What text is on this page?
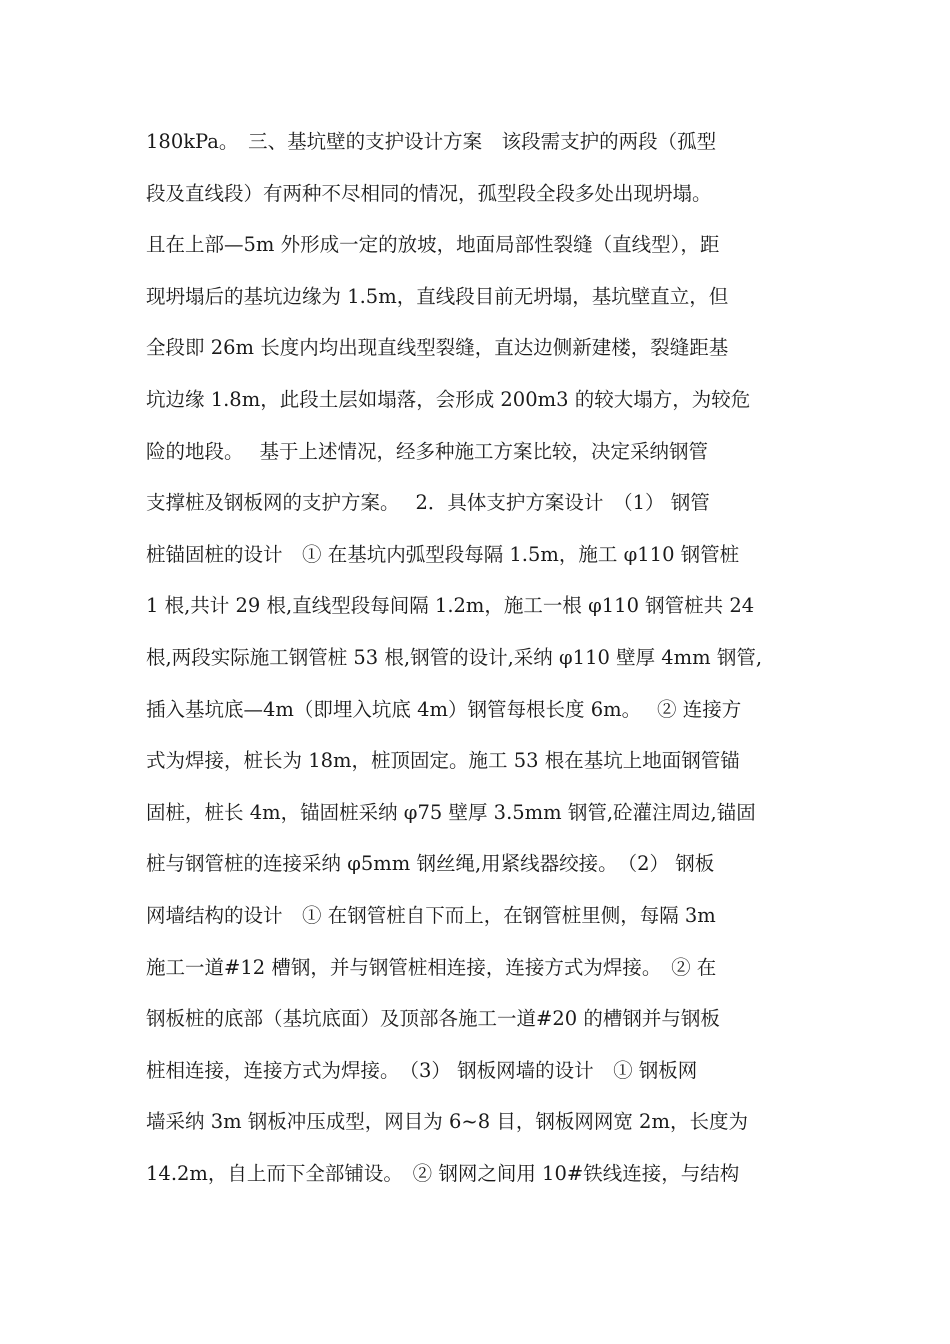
180kPa。　三、基坑壁的支护设计方案　该段需支护的两段（孤型
段及直线段）有两种不尽相同的情况，孤型段全段多处出现坍塌。
且在上部—5m 外形成一定的放坡，地面局部性裂缝（直线型），距
现坍塌后的基坑边缘为 1.5m，直线段目前无坍塌，基坑壁直立，但
全段即 26m 长度内均出现直线型裂缝，直达边侧新建楼，裂缝距基
坑边缘 1.8m，此段土层如塌落，会形成 200m3 的较大塌方，为较危
险的地段。　 基于上述情况，经多种施工方案比较，决定采纳钢管
支撑桩及钢板网的支护方案。　 2．具体支护方案设计　（1） 钢管
桩锚固桩的设计　① 在基坑内弧型段每隔 1.5m，施工 φ110 钢管桩
1 根,共计 29 根,直线型段每间隔 1.2m，施工一根 φ110 钢管桩共 24
根,两段实际施工钢管桩 53 根,钢管的设计,采纳 φ110 壁厚 4mm 钢管,
插入基坑底—4m（即埋入坑底 4m）钢管每根长度 6m。　 ② 连接方
式为焊接，桩长为 18m，桩顶固定。施工 53 根在基坑上地面钢管锚
固桩，桩长 4m，锚固桩采纳 φ75 壁厚 3.5mm 钢管,砼灌注周边,锚固
桩与钢管桩的连接采纳 φ5mm 钢丝绳,用紧线器绞接。　（2） 钢板
网墙结构的设计　① 在钢管桩自下而上，在钢管桩里侧，每隔 3m
施工一道#12 槽钢，并与钢管桩相连接，连接方式为焊接。　② 在
钢板桩的底部（基坑底面）及顶部各施工一道#20 的槽钢并与钢板
桩相连接，连接方式为焊接。　（3） 钢板网墙的设计　① 钢板网
墙采纳 3m 钢板冲压成型，网目为 6~8 目，钢板网网宽 2m，长度为
14.2m，自上而下全部铺设。　② 钢网之间用 10#铁线连接，与结构
